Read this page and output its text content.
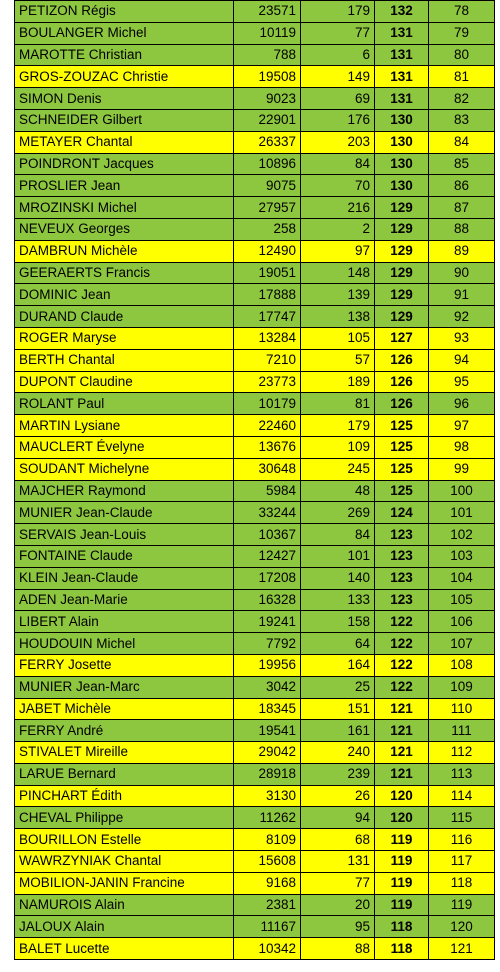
PETIZON Régis	23571	179	132	78
BOULANGER Michel	10119	77	131	79
MAROTTE Christian	788	6	131	80
GROS-ZOUZAC Christie	19508	149	131	81
SIMON Denis	9023	69	131	82
SCHNEIDER Gilbert	22901	176	130	83
METAYER Chantal	26337	203	130	84
POINDRONT Jacques	10896	84	130	85
PROSLIER Jean	9075	70	130	86
MROZINSKI Michel	27957	216	129	87
NEVEUX Georges	258	2	129	88
DAMBRUN Michèle	12490	97	129	89
GEERAERTS Francis	19051	148	129	90
DOMINIC Jean	17888	139	129	91
DURAND Claude	17747	138	129	92
ROGER Maryse	13284	105	127	93
BERTH Chantal	7210	57	126	94
DUPONT Claudine	23773	189	126	95
ROLANT Paul	10179	81	126	96
MARTIN Lysiane	22460	179	125	97
MAUCLERT Évelyne	13676	109	125	98
SOUDANT Michelyne	30648	245	125	99
MAJCHER Raymond	5984	48	125	100
MUNIER Jean-Claude	33244	269	124	101
SERVAIS Jean-Louis	10367	84	123	102
FONTAINE Claude	12427	101	123	103
KLEIN Jean-Claude	17208	140	123	104
ADEN Jean-Marie	16328	133	123	105
LIBERT Alain	19241	158	122	106
HOUDOUIN Michel	7792	64	122	107
FERRY Josette	19956	164	122	108
MUNIER Jean-Marc	3042	25	122	109
JABET Michèle	18345	151	121	110
FERRY André	19541	161	121	111
STIVALET Mireille	29042	240	121	112
LARUE Bernard	28918	239	121	113
PINCHART Édith	3130	26	120	114
CHEVAL Philippe	11262	94	120	115
BOURILLON Estelle	8109	68	119	116
WAWRZYNIAK Chantal	15608	131	119	117
MOBILION-JANIN Francine	9168	77	119	118
NAMUROIS Alain	2381	20	119	119
JALOUX Alain	11167	95	118	120
BALET Lucette	10342	88	118	121
